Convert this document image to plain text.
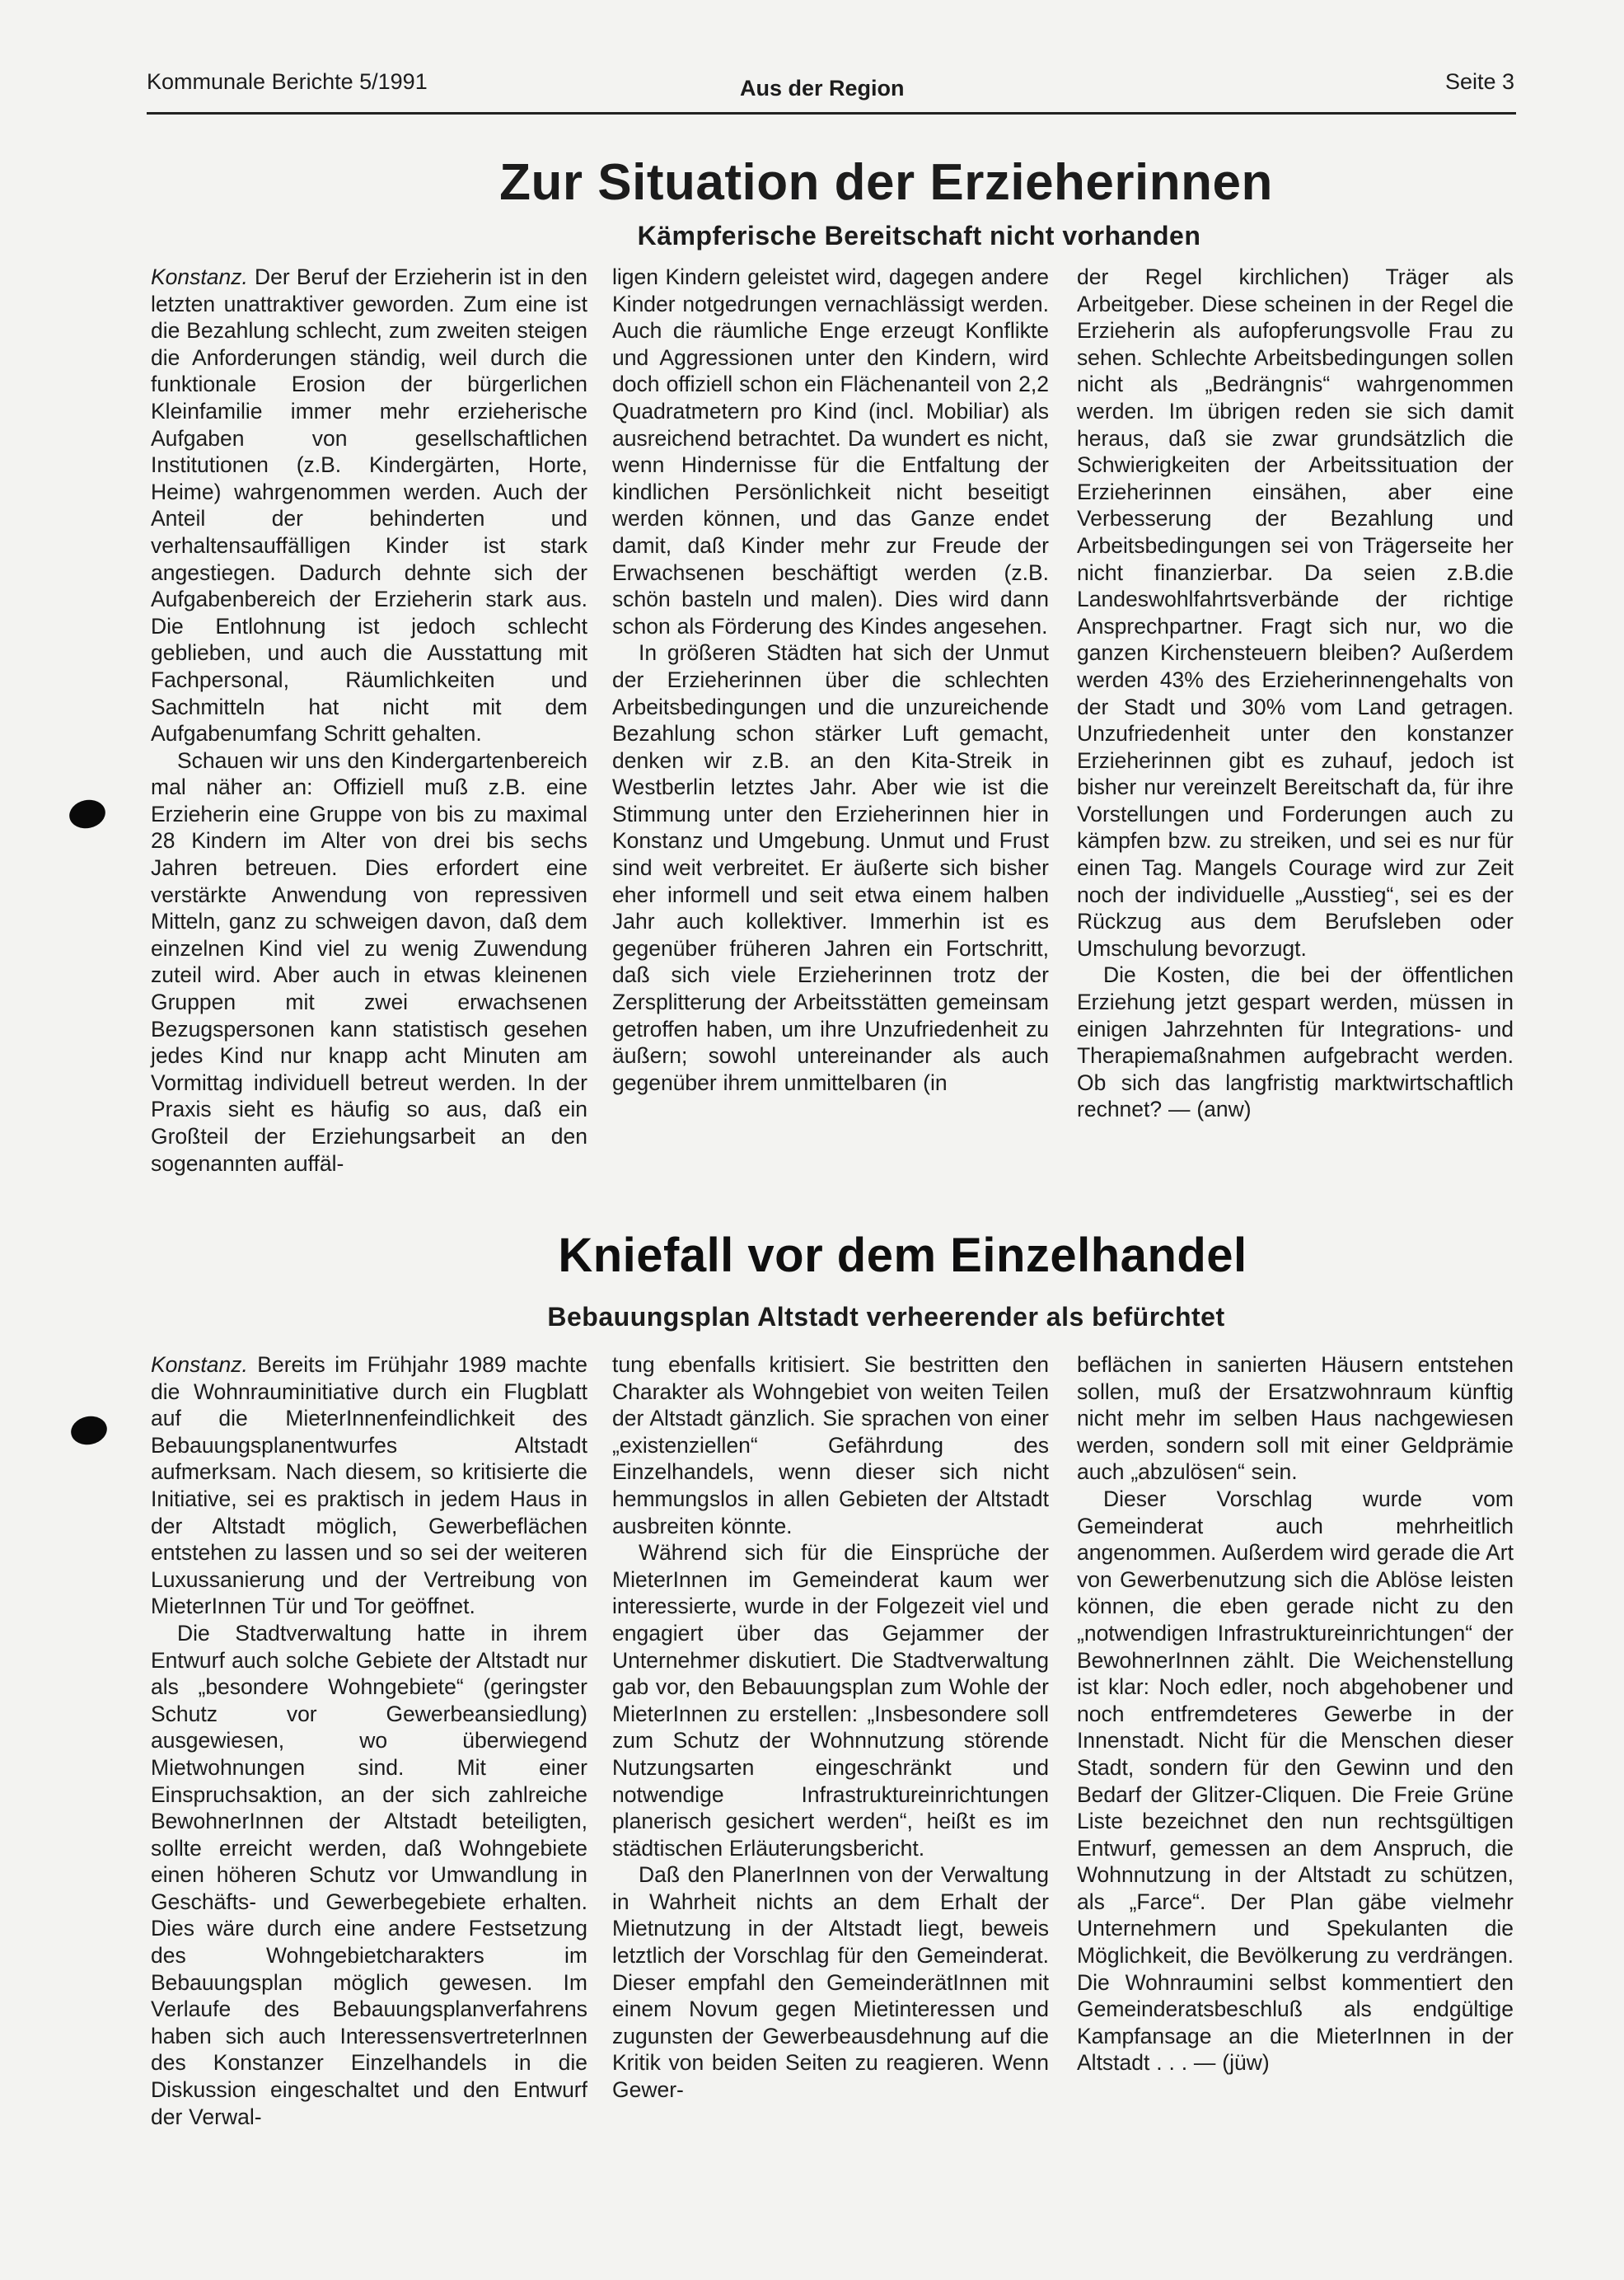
Kommunale Berichte 5/1991	Aus der Region	Seite 3
Zur Situation der Erzieherinnen
Kämpferische Bereitschaft nicht vorhanden

Konstanz. Der Beruf der Erzieherin ist in den letzten unattraktiver geworden. Zum eine ist die Bezahlung schlecht, zum zweiten steigen die Anforderungen ständig, weil durch die funktionale Erosion der bürgerlichen Kleinfamilie immer mehr erzieherische Aufgaben von gesellschaftlichen Institutionen (z.B. Kindergärten, Horte, Heime) wahrgenommen werden. Auch der Anteil der behinderten und verhaltensauffälligen Kinder ist stark angestiegen. Dadurch dehnte sich der Aufgabenbereich der Erzieherin stark aus. Die Entlohnung ist jedoch schlecht geblieben, und auch die Ausstattung mit Fachpersonal, Räumlichkeiten und Sachmitteln hat nicht mit dem Aufgabenumfang Schritt gehalten.

Schauen wir uns den Kindergartenbereich mal näher an: Offiziell muß z.B. eine Erzieherin eine Gruppe von bis zu maximal 28 Kindern im Alter von drei bis sechs Jahren betreuen. Dies erfordert eine verstärkte Anwendung von repressiven Mitteln, ganz zu schweigen davon, daß dem einzelnen Kind viel zu wenig Zuwendung zuteil wird. Aber auch in etwas kleinenen Gruppen mit zwei erwachsenen Bezugspersonen kann statistisch gesehen jedes Kind nur knapp acht Minuten am Vormittag individuell betreut werden. In der Praxis sieht es häufig so aus, daß ein Großteil der Erziehungsarbeit an den sogenannten auffäl-

ligen Kindern geleistet wird, dagegen andere Kinder notgedrungen vernachlässigt werden. Auch die räumliche Enge erzeugt Konflikte und Aggressionen unter den Kindern, wird doch offiziell schon ein Flächenanteil von 2,2 Quadratmetern pro Kind (incl. Mobiliar) als ausreichend betrachtet. Da wundert es nicht, wenn Hindernisse für die Entfaltung der kindlichen Persönlichkeit nicht beseitigt werden können, und das Ganze endet damit, daß Kinder mehr zur Freude der Erwachsenen beschäftigt werden (z.B. schön basteln und malen). Dies wird dann schon als Förderung des Kindes angesehen.

In größeren Städten hat sich der Unmut der Erzieherinnen über die schlechten Arbeitsbedingungen und die unzureichende Bezahlung schon stärker Luft gemacht, denken wir z.B. an den Kita-Streik in Westberlin letztes Jahr. Aber wie ist die Stimmung unter den Erzieherinnen hier in Konstanz und Umgebung. Unmut und Frust sind weit verbreitet. Er äußerte sich bisher eher informell und seit etwa einem halben Jahr auch kollektiver. Immerhin ist es gegenüber früheren Jahren ein Fortschritt, daß sich viele Erzieherinnen trotz der Zersplitterung der Arbeitsstätten gemeinsam getroffen haben, um ihre Unzufriedenheit zu äußern; sowohl untereinander als auch gegenüber ihrem unmittelbaren (in

der Regel kirchlichen) Träger als Arbeitgeber. Diese scheinen in der Regel die Erzieherin als aufopferungsvolle Frau zu sehen. Schlechte Arbeitsbedingungen sollen nicht als „Bedrängnis“ wahrgenommen werden. Im übrigen reden sie sich damit heraus, daß sie zwar grundsätzlich die Schwierigkeiten der Arbeitssituation der Erzieherinnen einsähen, aber eine Verbesserung der Bezahlung und Arbeitsbedingungen sei von Trägerseite her nicht finanzierbar. Da seien z.B.die Landeswohlfahrtsverbände der richtige Ansprechpartner. Fragt sich nur, wo die ganzen Kirchensteuern bleiben? Außerdem werden 43% des Erzieherinnengehalts von der Stadt und 30% vom Land getragen. Unzufriedenheit unter den konstanzer Erzieherinnen gibt es zuhauf, jedoch ist bisher nur vereinzelt Bereitschaft da, für ihre Vorstellungen und Forderungen auch zu kämpfen bzw. zu streiken, und sei es nur für einen Tag. Mangels Courage wird zur Zeit noch der individuelle „Ausstieg“, sei es der Rückzug aus dem Berufsleben oder Umschulung bevorzugt.

Die Kosten, die bei der öffentlichen Erziehung jetzt gespart werden, müssen in einigen Jahrzehnten für Integrations- und Therapiemaßnahmen aufgebracht werden. Ob sich das langfristig marktwirtschaftlich rechnet? — (anw)

Kniefall vor dem Einzelhandel
Bebauungsplan Altstadt verheerender als befürchtet

Konstanz. Bereits im Frühjahr 1989 machte die Wohnrauminitiative durch ein Flugblatt auf die MieterInnenfeindlichkeit des Bebauungsplanentwurfes Altstadt aufmerksam. Nach diesem, so kritisierte die Initiative, sei es praktisch in jedem Haus in der Altstadt möglich, Gewerbeflächen entstehen zu lassen und so sei der weiteren Luxussanierung und der Vertreibung von MieterInnen Tür und Tor geöffnet.

Die Stadtverwaltung hatte in ihrem Entwurf auch solche Gebiete der Altstadt nur als „besondere Wohngebiete“ (geringster Schutz vor Gewerbeansiedlung) ausgewiesen, wo überwiegend Mietwohnungen sind. Mit einer Einspruchsaktion, an der sich zahlreiche BewohnerInnen der Altstadt beteiligten, sollte erreicht werden, daß Wohngebiete einen höheren Schutz vor Umwandlung in Geschäfts- und Gewerbegebiete erhalten. Dies wäre durch eine andere Festsetzung des Wohngebietcharakters im Bebauungsplan möglich gewesen. Im Verlaufe des Bebauungsplanverfahrens haben sich auch Interessensvertreterlnnen des Konstanzer Einzelhandels in die Diskussion eingeschaltet und den Entwurf der Verwal-

tung ebenfalls kritisiert. Sie bestritten den Charakter als Wohngebiet von weiten Teilen der Altstadt gänzlich. Sie sprachen von einer „existenziellen“ Gefährdung des Einzelhandels, wenn dieser sich nicht hemmungslos in allen Gebieten der Altstadt ausbreiten könnte.

Während sich für die Einsprüche der MieterInnen im Gemeinderat kaum wer interessierte, wurde in der Folgezeit viel und engagiert über das Gejammer der Unternehmer diskutiert. Die Stadtverwaltung gab vor, den Bebauungsplan zum Wohle der MieterInnen zu erstellen: „Insbesondere soll zum Schutz der Wohnnutzung störende Nutzungsarten eingeschränkt und notwendige Infrastruktureinrichtungen planerisch gesichert werden“, heißt es im städtischen Erläuterungsbericht.

Daß den PlanerInnen von der Verwaltung in Wahrheit nichts an dem Erhalt der Mietnutzung in der Altstadt liegt, beweis letztlich der Vorschlag für den Gemeinderat. Dieser empfahl den GemeinderätInnen mit einem Novum gegen Mietinteressen und zugunsten der Gewerbeausdehnung auf die Kritik von beiden Seiten zu reagieren. Wenn Gewer-

beflächen in sanierten Häusern entstehen sollen, muß der Ersatzwohnraum künftig nicht mehr im selben Haus nachgewiesen werden, sondern soll mit einer Geldprämie auch „abzulösen“ sein.

Dieser Vorschlag wurde vom Gemeinderat auch mehrheitlich angenommen. Außerdem wird gerade die Art von Gewerbenutzung sich die Ablöse leisten können, die eben gerade nicht zu den „notwendigen Infrastruktureinrichtungen“ der BewohnerInnen zählt. Die Weichenstellung ist klar: Noch edler, noch abgehobener und noch entfremdeteres Gewerbe in der Innenstadt. Nicht für die Menschen dieser Stadt, sondern für den Gewinn und den Bedarf der Glitzer-Cliquen. Die Freie Grüne Liste bezeichnet den nun rechtsgültigen Entwurf, gemessen an dem Anspruch, die Wohnnutzung in der Altstadt zu schützen, als „Farce“. Der Plan gäbe vielmehr Unternehmern und Spekulanten die Möglichkeit, die Bevölkerung zu verdrängen. Die Wohnraumini selbst kommentiert den Gemeinderatsbeschluß als endgültige Kampfansage an die MieterInnen in der Altstadt . . . — (jüw)
